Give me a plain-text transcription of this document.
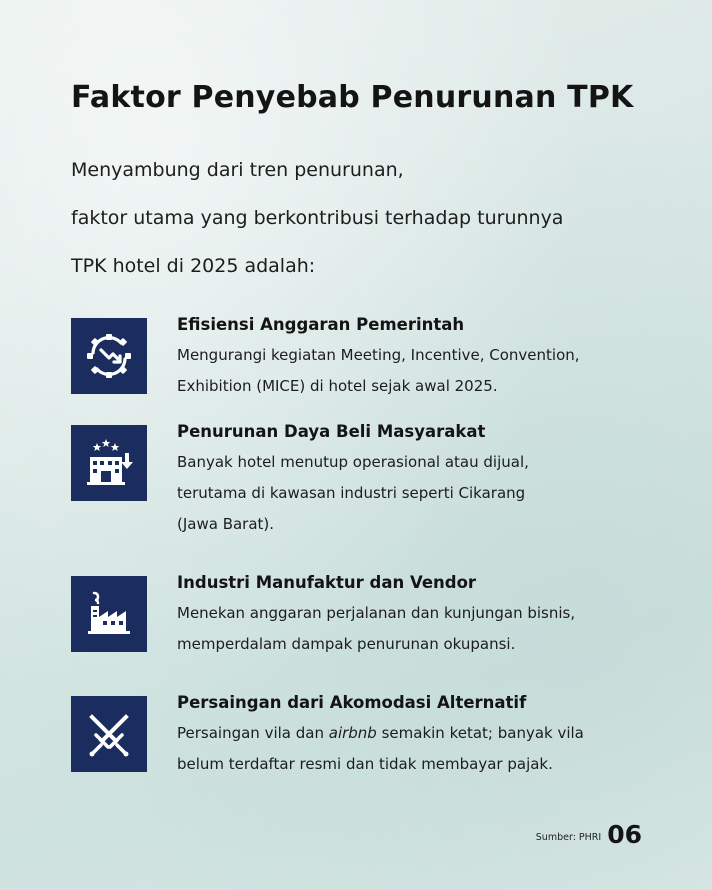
Faktor Penyebab Penurunan TPK

Menyambung dari tren penurunan,

faktor utama yang berkontribusi terhadap turunnya

TPK hotel di 2025 adalah:

Efisiensi Anggaran Pemerintah

Mengurangi kegiatan Meeting, Incentive, Convention,
Exhibition (MICE) di hotel sejak awal 2025.

Penurunan Daya Beli Masyarakat

Banyak hotel menutup operasional atau dijual,
terutama di kawasan industri seperti Cikarang
(Jawa Barat).

Industri Manufaktur dan Vendor

Menekan anggaran perjalanan dan kunjungan bisnis,
memperdalam dampak penurunan okupansi.

Persaingan dari Akomodasi Alternatif

Persaingan vila dan airbnb semakin ketat; banyak vila
belum terdaftar resmi dan tidak membayar pajak.

Sumber: PHRI 06
